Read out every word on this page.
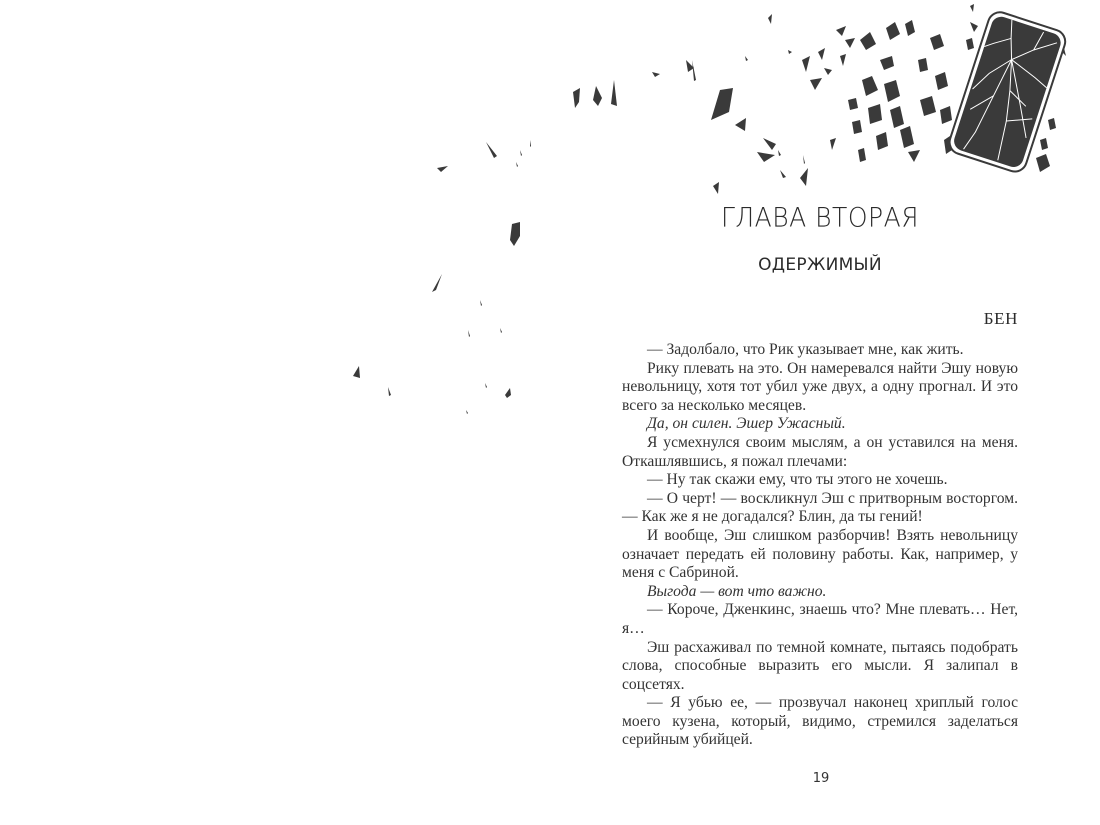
ГЛАВА ВТОРАЯ
ОДЕРЖИМЫЙ
БЕН

— Задолбало, что Рик указывает мне, как жить.

Рику плевать на это. Он намеревался найти Эшу новую невольницу, хотя тот убил уже двух, а одну прогнал. И это всего за несколько месяцев.

Да, он силен. Эшер Ужасный.

Я усмехнулся своим мыслям, а он уставился на меня. Откашлявшись, я пожал плечами:

— Ну так скажи ему, что ты этого не хочешь.

— О черт! — воскликнул Эш с притворным восторгом. — Как же я не догадался? Блин, да ты гений!

И вообще, Эш слишком разборчив! Взять невольницу означает передать ей половину работы. Как, например, у меня с Сабриной.

Выгода — вот что важно.

— Короче, Дженкинс, знаешь что? Мне плевать… Нет, я…

Эш расхаживал по темной комнате, пытаясь подобрать слова, способные выразить его мысли. Я залипал в соцсетях.

— Я убью ее, — прозвучал наконец хриплый голос моего кузена, который, видимо, стремился заделаться серийным убийцей.

19
